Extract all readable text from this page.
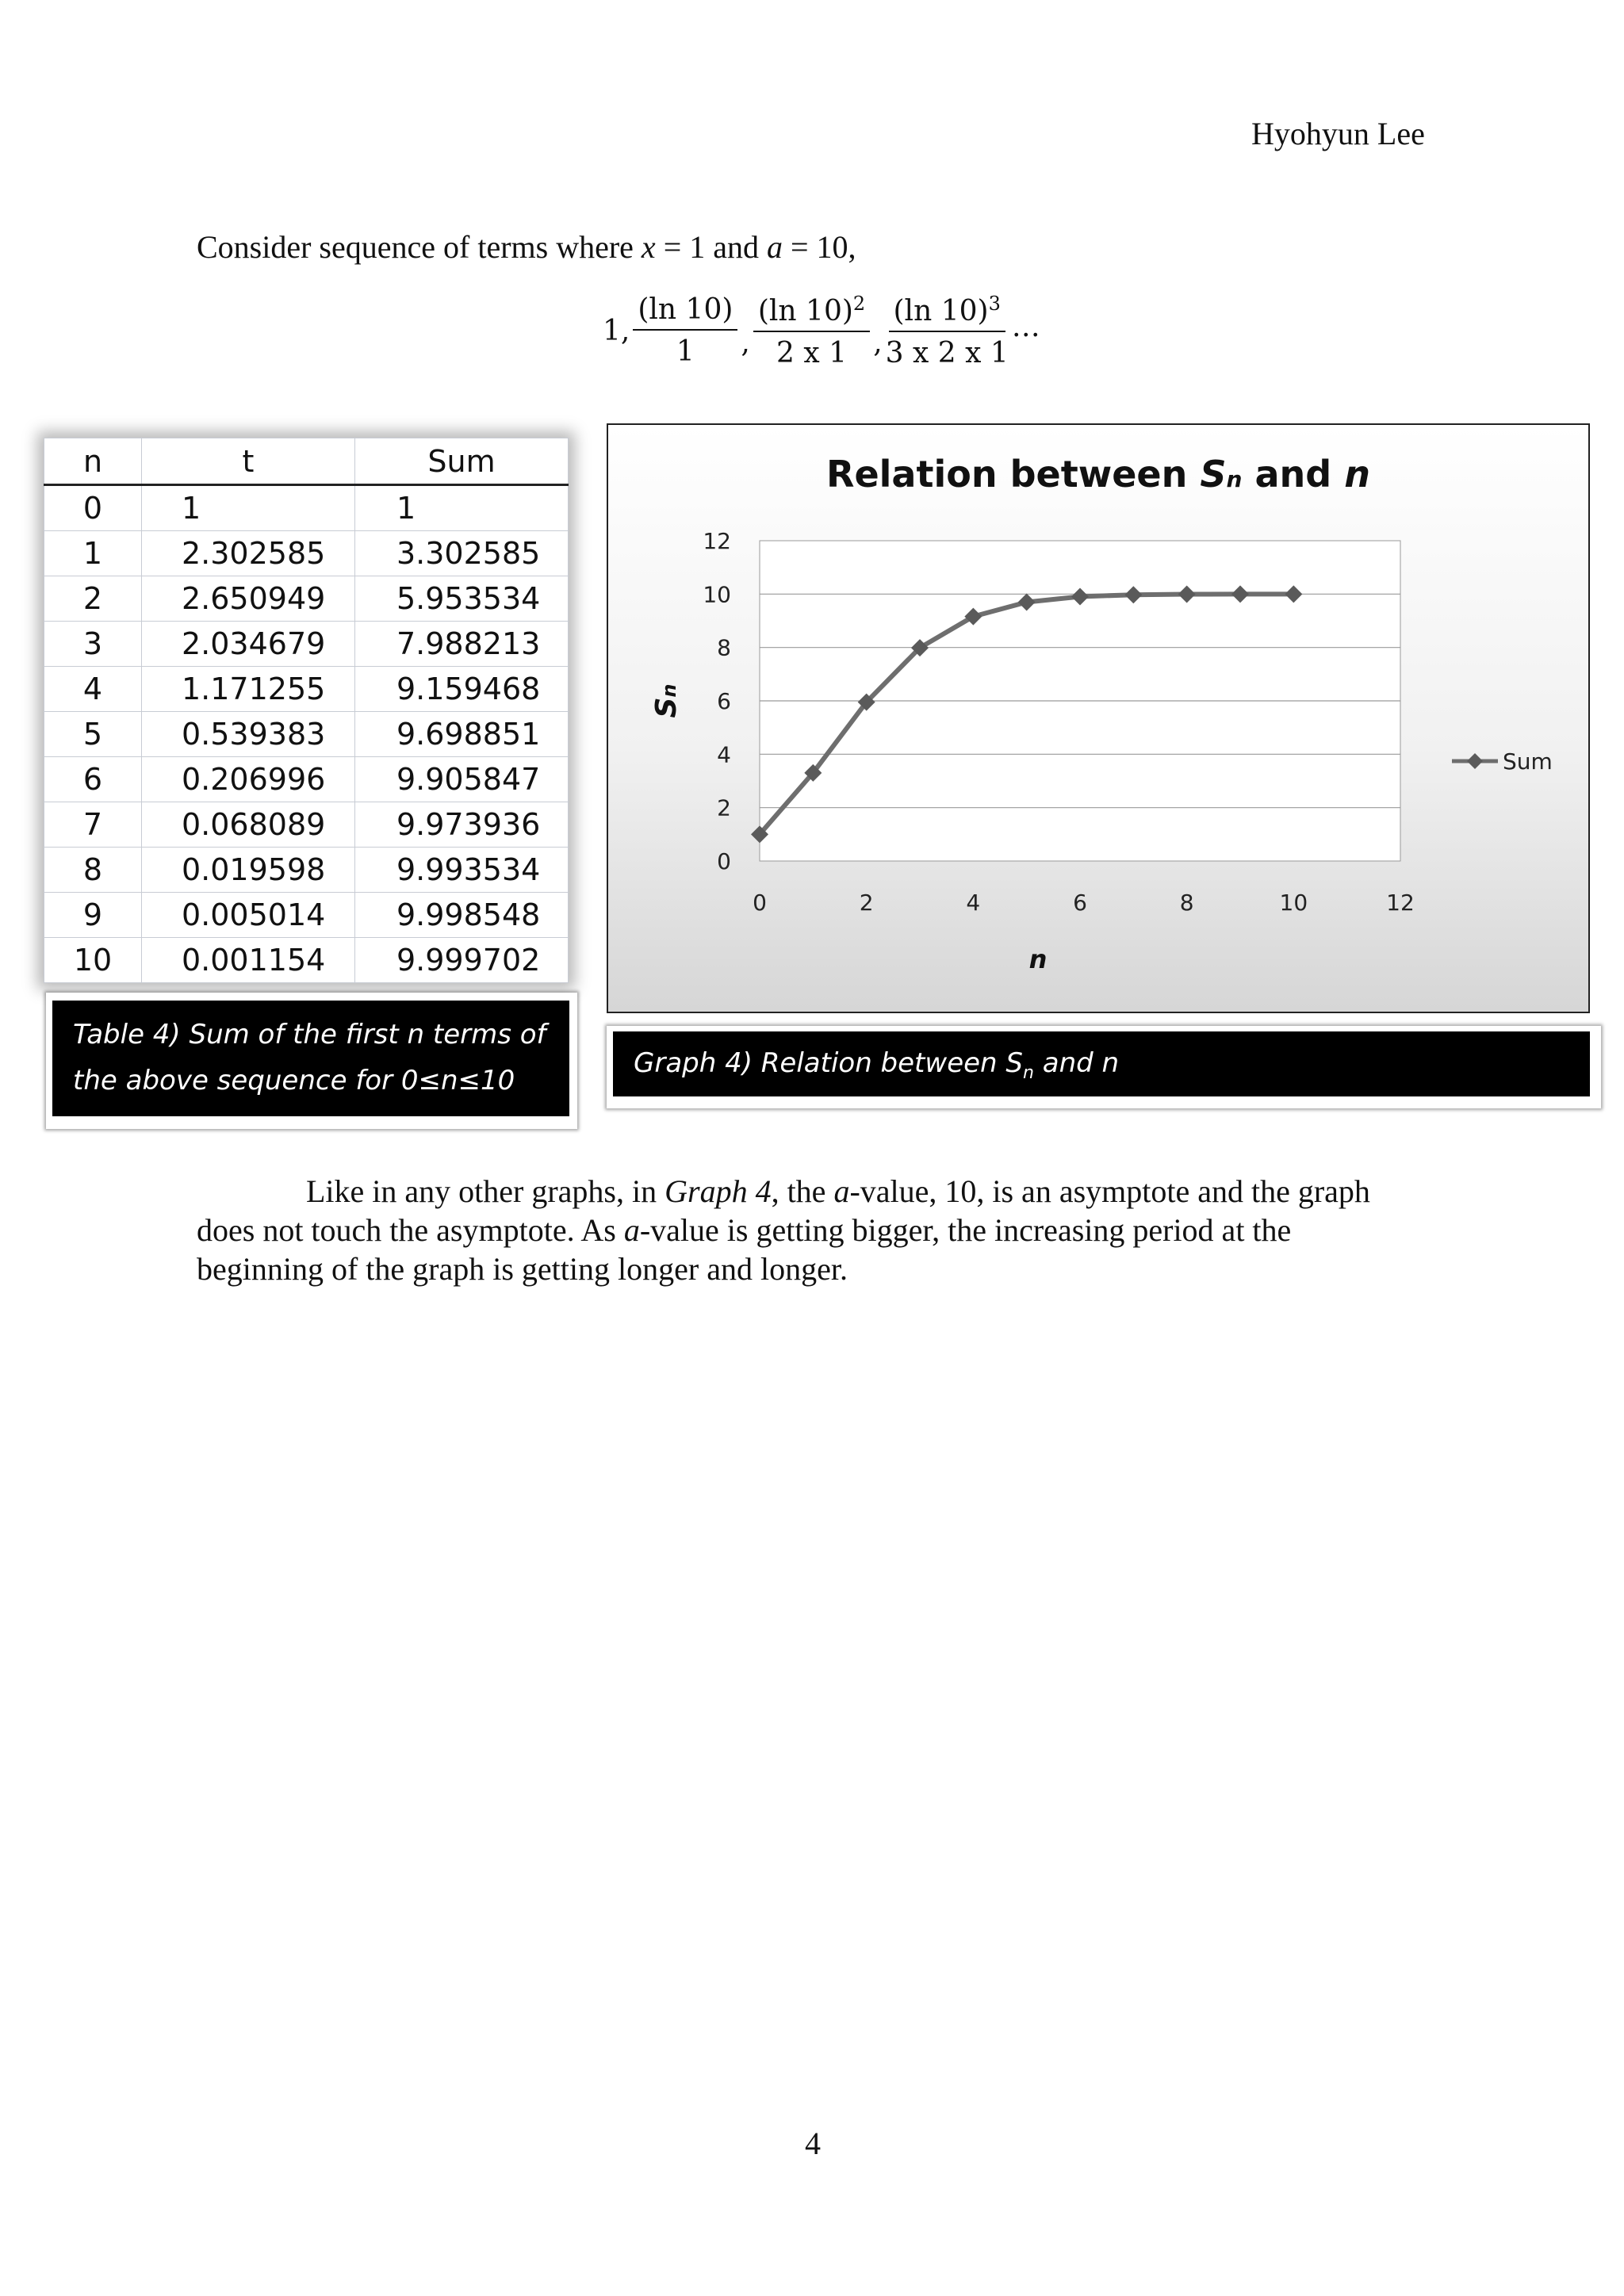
Hyohyun Lee
Consider sequence of terms where x = 1 and a = 10,
1, $\frac{(\ln 10)}{1}$ , $\frac{(\ln 10)^2}{2 x 1}$ , $\frac{(\ln 10)^3}{3 x 2 x 1}$ …
n	t	Sum
0	1	1
1	2.302585	3.302585
2	2.650949	5.953534
3	2.034679	7.988213
4	1.171255	9.159468
5	0.539383	9.698851
6	0.206996	9.905847
7	0.068089	9.973936
8	0.019598	9.993534
9	0.005014	9.998548
10	0.001154	9.999702
Table 4) Sum of the first n terms of
the above sequence for 0≤n≤10
0
2
4
6
8
10
12
0	2	4	6	8	10	12
Relation between Sn and n
Sn
n
Sum
Graph 4) Relation between $S_n$ and n

Like in any other graphs, in Graph 4, the a-value, 10, is an asymptote and the graph

does not touch the asymptote. As a-value is getting bigger, the increasing period at the

beginning of the graph is getting longer and longer.

4
